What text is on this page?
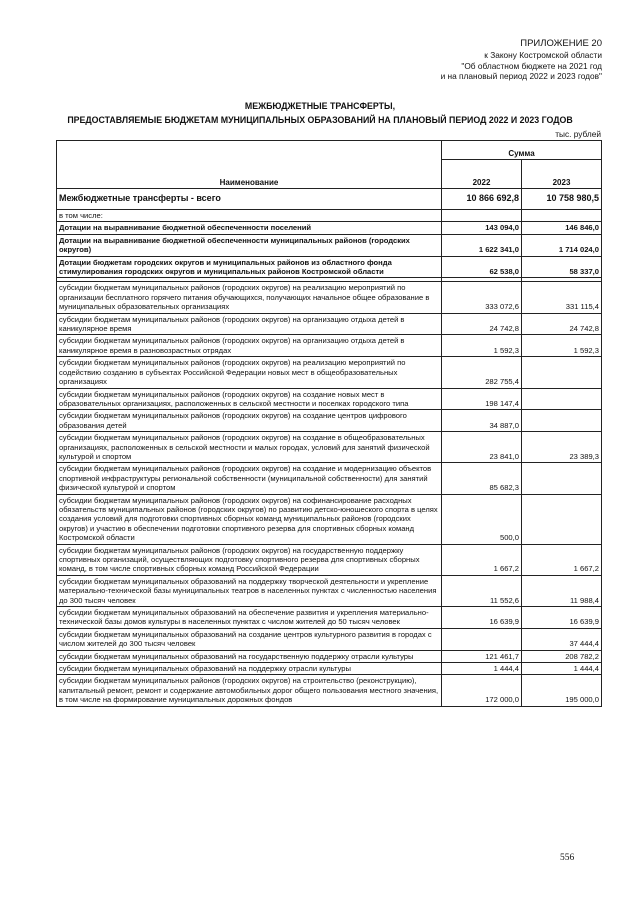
ПРИЛОЖЕНИЕ 20
к Закону Костромской области
"Об областном бюджете на 2021 год
и на плановый период 2022 и 2023 годов"
МЕЖБЮДЖЕТНЫЕ ТРАНСФЕРТЫ,
ПРЕДОСТАВЛЯЕМЫЕ БЮДЖЕТАМ МУНИЦИПАЛЬНЫХ ОБРАЗОВАНИЙ НА ПЛАНОВЫЙ ПЕРИОД 2022 И 2023 ГОДОВ
тыс. рублей
Наименование	Сумма	
	2022	2023
Межбюджетные трансферты - всего	10 866 692,8	10 758 980,5
в том числе:		
Дотации на выравнивание бюджетной обеспеченности поселений	143 094,0	146 846,0
Дотации на выравнивание бюджетной обеспеченности муниципальных районов (городских округов)	1 622 341,0	1 714 024,0
Дотации бюджетам городских округов и муниципальных районов из областного фонда стимулирования городских округов и муниципальных районов Костромской области	62 538,0	58 337,0

субсидии бюджетам муниципальных районов (городских округов) на реализацию мероприятий по организации бесплатного горячего питания обучающихся, получающих начальное общее образование в муниципальных образовательных организациях	333 072,6	331 115,4
субсидии бюджетам муниципальных районов (городских округов) на организацию отдыха детей в каникулярное время	24 742,8	24 742,8
субсидии бюджетам муниципальных районов (городских округов) на организацию отдыха детей в каникулярное время в разновозрастных отрядах	1 592,3	1 592,3
субсидии бюджетам муниципальных районов (городских округов) на реализацию мероприятий по содействию созданию в субъектах Российской Федерации новых мест в общеобразовательных организациях	282 755,4	
субсидии бюджетам муниципальных районов (городских округов) на создание новых мест в образовательных организациях, расположенных в сельской местности и поселках городского типа	198 147,4	
субсидии бюджетам муниципальных районов (городских округов) на создание центров цифрового образования детей	34 887,0	
субсидии бюджетам муниципальных районов (городских округов) на создание в общеобразовательных организациях, расположенных в сельской местности и малых городах, условий для занятий физической культурой и спортом	23 841,0	23 389,3
субсидии бюджетам муниципальных районов (городских округов) на создание и модернизацию объектов спортивной инфраструктуры региональной собственности (муниципальной собственности) для занятий физической культурой и спортом	85 682,3	
субсидии бюджетам муниципальных районов (городских округов) на софинансирование расходных обязательств муниципальных районов (городских округов) по развитию детско-юношеского спорта в целях создания условий для подготовки спортивных сборных команд муниципальных районов (городских округов) и участию в обеспечении подготовки спортивного резерва для спортивных сборных команд Костромской области	500,0	
субсидии бюджетам муниципальных районов (городских округов) на государственную поддержку спортивных организаций, осуществляющих подготовку спортивного резерва для спортивных сборных команд, в том числе спортивных сборных команд Российской Федерации	1 667,2	1 667,2
субсидии бюджетам муниципальных образований на поддержку творческой деятельности и укрепление материально-технической базы муниципальных театров в населенных пунктах с численностью населения до 300 тысяч человек	11 552,6	11 988,4
субсидии бюджетам муниципальных образований на обеспечение развития и укрепления материально-технической базы домов культуры в населенных пунктах с числом жителей до 50 тысяч человек	16 639,9	16 639,9
субсидии бюджетам муниципальных образований на создание центров культурного развития в городах с числом жителей до 300 тысяч человек		37 444,4
субсидии бюджетам муниципальных образований на государственную поддержку отрасли культуры	121 461,7	208 782,2
субсидии бюджетам муниципальных образований на поддержку отрасли культуры	1 444,4	1 444,4
субсидии бюджетам муниципальных районов (городских округов) на строительство (реконструкцию), капитальный ремонт, ремонт и содержание автомобильных дорог общего пользования местного значения, в том числе на формирование муниципальных дорожных фондов	172 000,0	195 000,0
556
